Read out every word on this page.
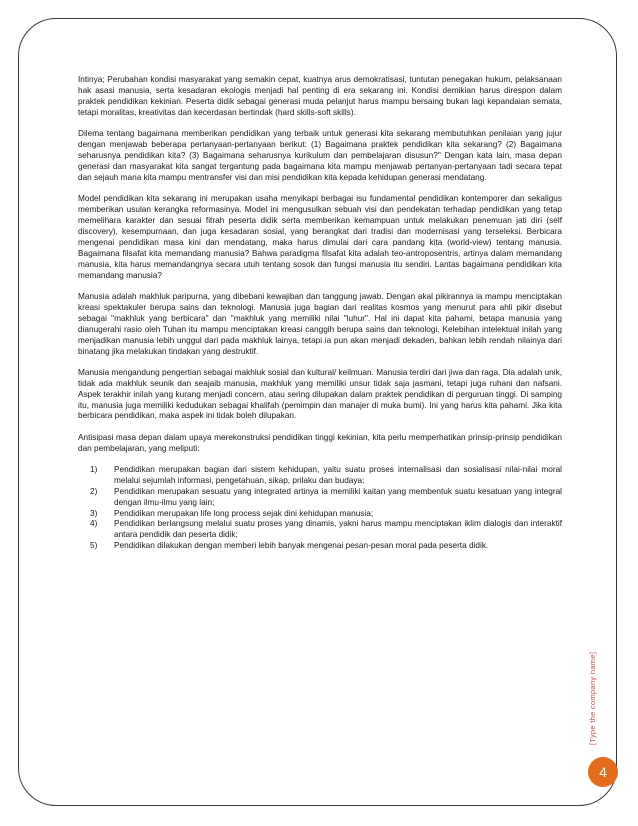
Intinya; Perubahan kondisi masyarakat yang semakin cepat, kuatnya arus demokratisasi, tuntutan penegakan hukum, pelaksanaan hak asasi manusia, serta kesadaran ekologis menjadi hal penting di era sekarang ini. Kondisi demikian harus direspon dalam praktek pendidikan kekinian. Peserta didik sebagai generasi muda pelanjut harus mampu bersaing bukan lagi kepandaian semata, tetapi moralitas, kreativitas dan kecerdasan bertindak (hard skills-soft skills).

Dilema tentang bagaimana memberikan pendidikan yang terbaik untuk generasi kita sekarang membutuhkan penilaian yang jujur dengan menjawab beberapa pertanyaan-pertanyaan berikut: (1) Bagaimana praktek pendidikan kita sekarang? (2) Bagaimana seharusnya pendidikan kita? (3) Bagaimana seharusnya kurikulum dan pembelajaran disusun?" Dengan kata lain, masa depan generasi dan masyarakat kita sangat tergantung pada bagaimana kita mampu menjawab pertanyan-pertanyaan tadi secara tepat dan sejauh mana kita mampu mentransfer visi dan misi pendidikan kita kepada kehidupan generasi mendatang.

Model pendidikan kita sekarang ini merupakan usaha menyikapi berbagai isu fundamental pendidikan kontemporer dan sekaligus memberikan usulan kerangka reformasinya. Model ini mengusulkan sebuah visi dan pendekatan terhadap pendidikan yang tetap memelihara karakter dan sesuai fitrah peserta didik serta memberikan kemampuan untuk melakukan penemuan jati diri (self discovery), kesempurnaan, dan juga kesadaran sosial, yang berangkat dari tradisi dan modernisasi yang terseleksi. Berbicara mengenai pendidikan masa kini dan mendatang, maka harus dimulai dari cara pandang kita (world-view) tentang manusia. Bagaimana filsafat kita memandang manusia? Bahwa paradigma filsafat kita adalah teo-antroposentris, artinya dalam memandang manusia, kita harus memandangnya secara utuh tentang sosok dan fungsi manusia itu sendiri. Lantas bagaimana pendidikan kita memandang manusia?

Manusia adalah makhluk paripurna, yang dibebani kewajiban dan tanggung jawab. Dengan akal pikirannya ia mampu menciptakan kreasi spektakuler berupa sains dan teknologi. Manusia juga bagian dari realitas kosmos yang menurut para ahli pikir disebut sebagai "makhluk yang berbicara" dan "makhluk yang memiliki nilai "luhur". Hal ini dapat kita pahami, betapa manusia yang dianugerahi rasio oleh Tuhan itu mampu menciptakan kreasi canggih berupa sains dan teknologi. Kelebihan intelektual inilah yang menjadikan manusia lebih unggul dari pada makhluk lainya, tetapi ia pun akan menjadi dekaden, bahkan lebih rendah nilainya dari binatang jika melakukan tindakan yang destruktif.

Manusia mengandung pengertian sebagai makhluk sosial dan kultural/ keilmuan. Manusia terdiri dari jiwa dan raga. Dia adalah unik, tidak ada makhluk seunik dan seajaib manusia, makhluk yang memiliki unsur tidak saja jasmani, tetapi juga ruhani dan nafsani. Aspek terakhir inilah yang kurang menjadi concern, atau sering dilupakan dalam praktek pendidikan di perguruan tinggi. Di samping itu, manusia juga memiliki kedudukan sebagai khalifah (pemimpin dan manajer di muka bumi). Ini yang harus kita pahami. Jika kita berbicara pendidikan, maka aspek ini tidak boleh dilupakan.

Antisipasi masa depan dalam upaya merekonstruksi pendidikan tinggi kekinian, kita perlu memperhatikan prinsip-prinsip pendidikan dan pembelajaran, yang meliputi:

1) Pendidikan merupakan bagian dari sistem kehidupan, yaitu suatu proses internalisasi dan sosialisasi nilai-nilai moral melalui sejumlah informasi, pengetahuan, sikap, prilaku dan budaya;
2) Pendidikan merupakan sesuatu yang integrated artinya ia memiliki kaitan yang membentuk suatu kesatuan yang integral dengan ilmu-ilmu yang lain;
3) Pendidikan merupakan life long process sejak dini kehidupan manusia;
4) Pendidikan berlangsung melalui suatu proses yang dinamis, yakni harus mampu menciptakan iklim dialogis dan interaktif antara pendidik dan peserta didik;
5) Pendidikan dilakukan dengan memberi lebih banyak mengenai pesan-pesan moral pada peserta didik.
[Type the company name]
4
